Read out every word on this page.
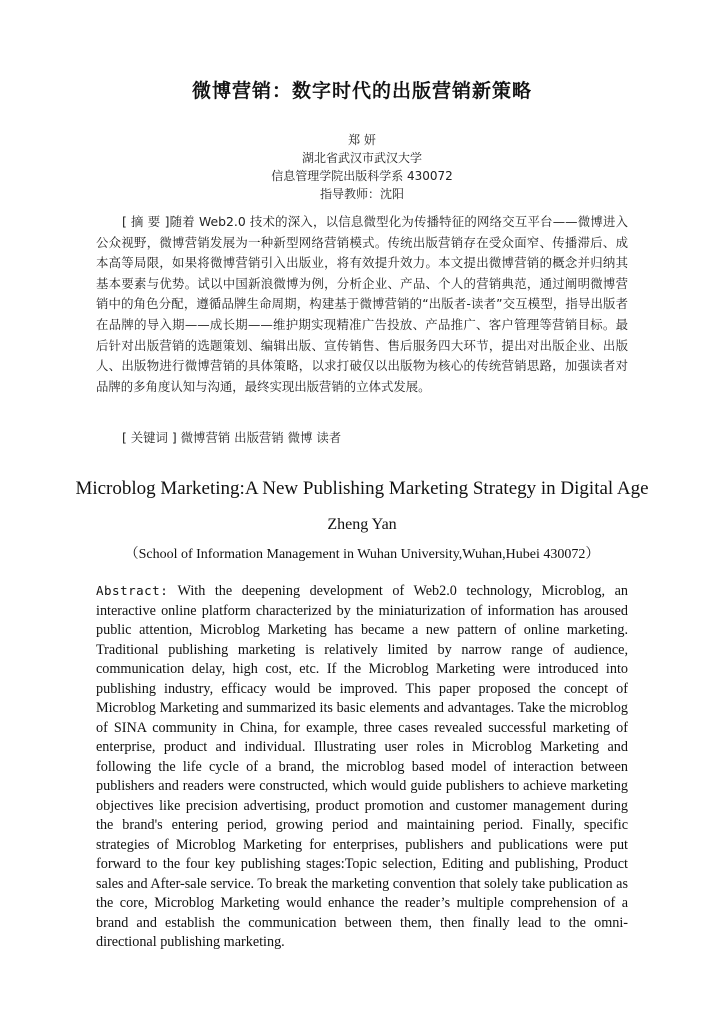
微博营销：数字时代的出版营销新策略
郑 妍
湖北省武汉市武汉大学
信息管理学院出版科学系 430072
指导教师：沈阳
[ 摘 要 ]随着 Web2.0 技术的深入，以信息微型化为传播特征的网络交互平台——微博进入公众视野，微博营销发展为一种新型网络营销模式。传统出版营销存在受众面窄、传播滞后、成本高等局限，如果将微博营销引入出版业，将有效提升效力。本文提出微博营销的概念并归纳其基本要素与优势。试以中国新浪微博为例，分析企业、产品、个人的营销典范，通过阐明微博营销中的角色分配，遵循品牌生命周期，构建基于微博营销的“出版者-读者”交互模型，指导出版者在品牌的导入期——成长期——维护期实现精准广告投放、产品推广、客户管理等营销目标。最后针对出版营销的选题策划、编辑出版、宣传销售、售后服务四大环节，提出对出版企业、出版人、出版物进行微博营销的具体策略，以求打破仅以出版物为核心的传统营销思路，加强读者对品牌的多角度认知与沟通，最终实现出版营销的立体式发展。
[ 关键词 ] 微博营销 出版营销 微博 读者
Microblog Marketing:A New Publishing Marketing Strategy in Digital Age
Zheng Yan
（School of Information Management in Wuhan University,Wuhan,Hubei 430072）
Abstract: With the deepening development of Web2.0 technology, Microblog, an interactive online platform characterized by the miniaturization of information has aroused public attention, Microblog Marketing has became a new pattern of online marketing. Traditional publishing marketing is relatively limited by narrow range of audience, communication delay, high cost, etc. If the Microblog Marketing were introduced into publishing industry, efficacy would be improved. This paper proposed the concept of Microblog Marketing and summarized its basic elements and advantages. Take the microblog of SINA community in China, for example, three cases revealed successful marketing of enterprise, product and individual. Illustrating user roles in Microblog Marketing and following the life cycle of a brand, the microblog based model of interaction between publishers and readers were constructed, which would guide publishers to achieve marketing objectives like precision advertising, product promotion and customer management during the brand's entering period, growing period and maintaining period. Finally, specific strategies of Microblog Marketing for enterprises, publishers and publications were put forward to the four key publishing stages:Topic selection, Editing and publishing, Product sales and After-sale service. To break the marketing convention that solely take publication as the core, Microblog Marketing would enhance the reader’s multiple comprehension of a brand and establish the communication between them, then finally lead to the omni-directional publishing marketing.
